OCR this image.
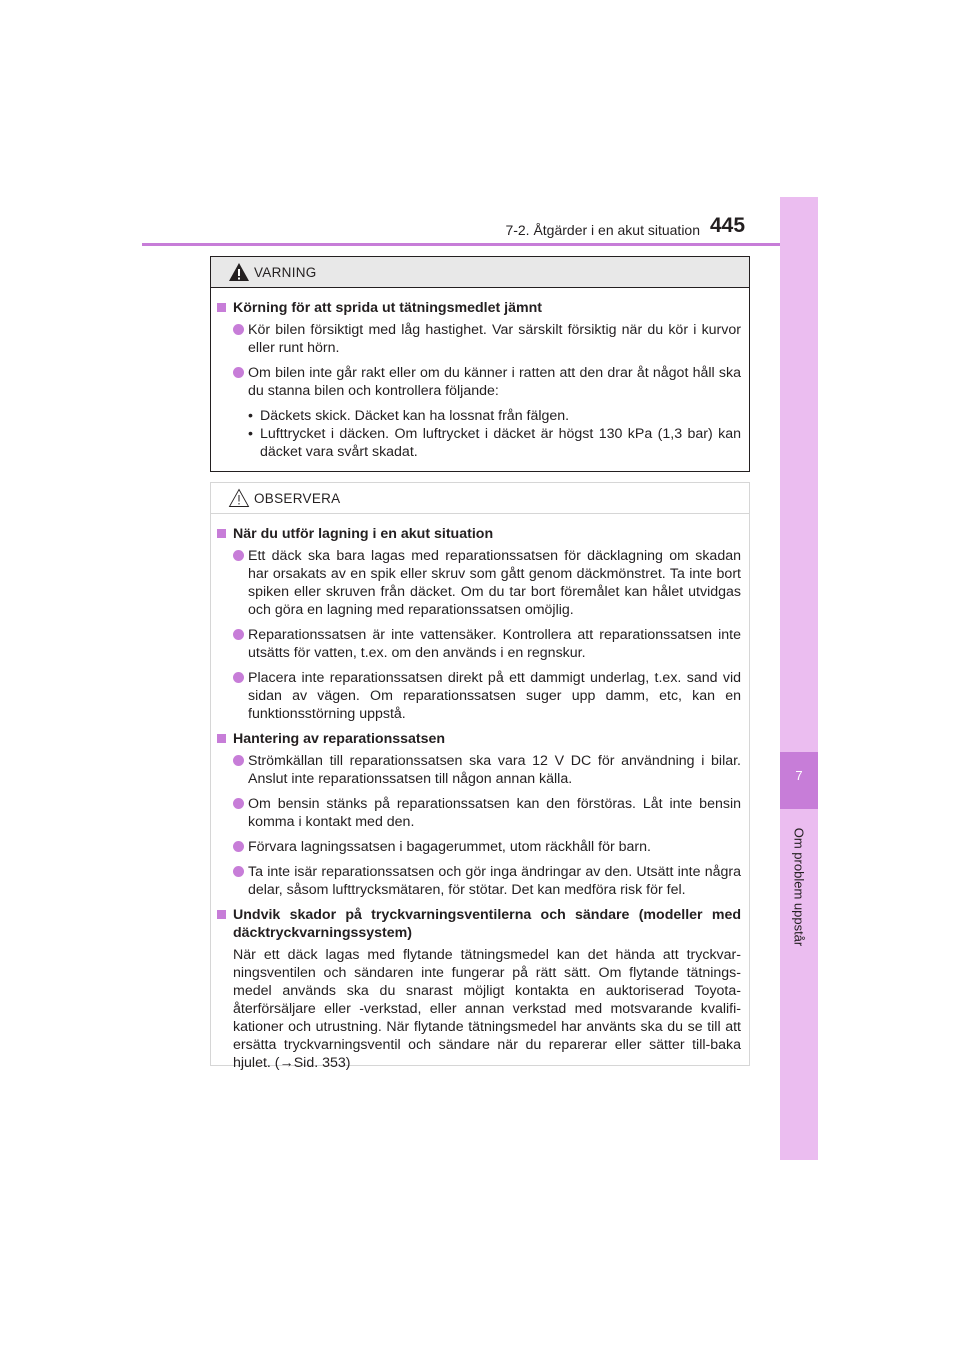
7-2. Åtgärder i en akut situation 445
7
Om problem uppstår
VARNING
Körning för att sprida ut tätningsmedlet jämnt
Kör bilen försiktigt med låg hastighet. Var särskilt försiktig när du kör i kurvor eller runt hörn.
Om bilen inte går rakt eller om du känner i ratten att den drar åt något håll ska du stanna bilen och kontrollera följande:
• Däckets skick. Däcket kan ha lossnat från fälgen.
• Lufttrycket i däcken. Om luftrycket i däcket är högst 130 kPa (1,3 bar) kan däcket vara svårt skadat.
OBSERVERA
När du utför lagning i en akut situation
Ett däck ska bara lagas med reparationssatsen för däcklagning om skadan har orsakats av en spik eller skruv som gått genom däckmönstret. Ta inte bort spiken eller skruven från däcket. Om du tar bort föremålet kan hålet utvidgas och göra en lagning med reparationssatsen omöjlig.
Reparationssatsen är inte vattensäker. Kontrollera att reparationssatsen inte utsätts för vatten, t.ex. om den används i en regnskur.
Placera inte reparationssatsen direkt på ett dammigt underlag, t.ex. sand vid sidan av vägen. Om reparationssatsen suger upp damm, etc, kan en funktionsstörning uppstå.
Hantering av reparationssatsen
Strömkällan till reparationssatsen ska vara 12 V DC för användning i bilar. Anslut inte reparationssatsen till någon annan källa.
Om bensin stänks på reparationssatsen kan den förstöras. Låt inte bensin komma i kontakt med den.
Förvara lagningssatsen i bagagerummet, utom räckhåll för barn.
Ta inte isär reparationssatsen och gör inga ändringar av den. Utsätt inte några delar, såsom lufttrycksmätaren, för stötar. Det kan medföra risk för fel.
Undvik skador på tryckvarningsventilerna och sändare (modeller med däcktryckvarningssystem)
När ett däck lagas med flytande tätningsmedel kan det hända att tryckvar-ningsventilen och sändaren inte fungerar på rätt sätt. Om flytande tätnings-medel används ska du snarast möjligt kontakta en auktoriserad Toyota-återförsäljare eller -verkstad, eller annan verkstad med motsvarande kvalifi-kationer och utrustning. När flytande tätningsmedel har använts ska du se till att ersätta tryckvarningsventil och sändare när du reparerar eller sätter till-baka hjulet. (→Sid. 353)
